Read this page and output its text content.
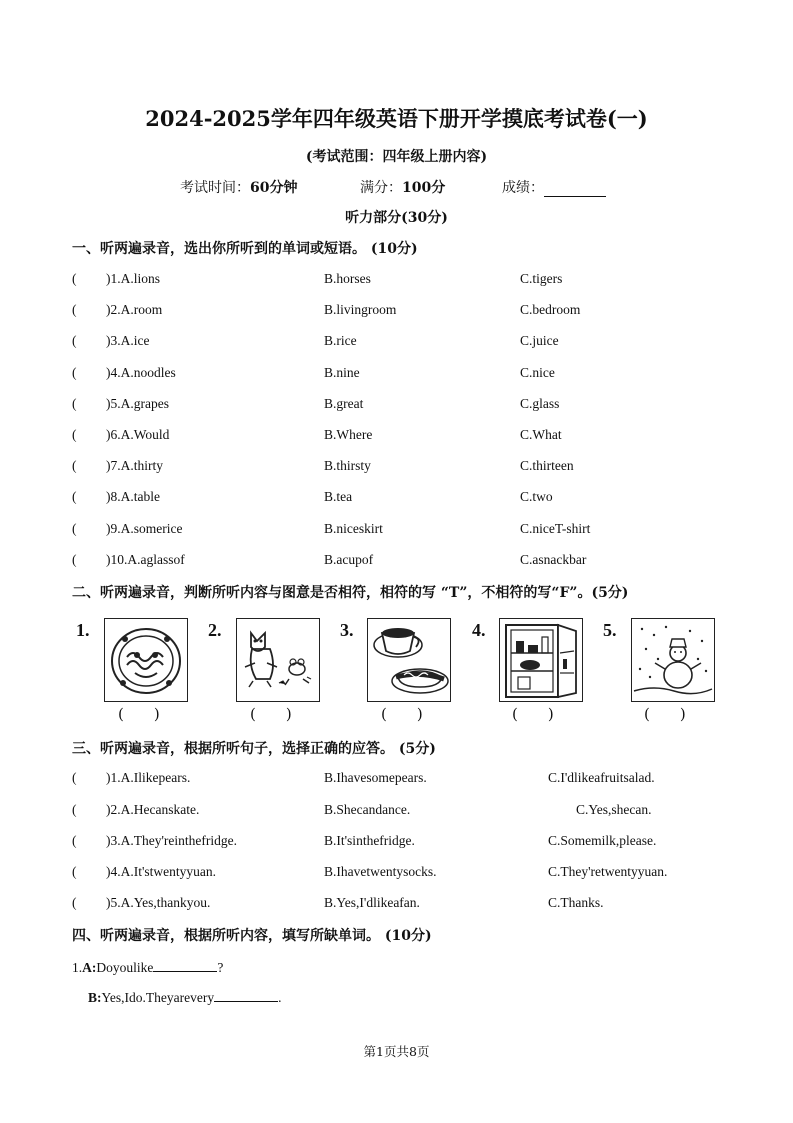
2024-2025学年四年级英语下册开学摸底考试卷(一)
(考试范围：四年级上册内容)
考试时间：60分钟	满分：100分	成绩：
听力部分(30分)
一、听两遍录音，选出你所听到的单词或短语。 (10分)
( )1.A.lions	B.horses	C.tigers
( )2.A.room	B.livingroom	C.bedroom
( )3.A.ice	B.rice	C.juice
( )4.A.noodles	B.nine	C.nice
( )5.A.grapes	B.great	C.glass
( )6.A.Would	B.Where	C.What
( )7.A.thirty	B.thirsty	C.thirteen
( )8.A.table	B.tea	C.two
( )9.A.somerice	B.niceskirt	C.niceT-shirt
( )10.A.aglassof	B.acupof	C.asnackbar
二、听两遍录音，判断所听内容与图意是否相符，相符的写 “T”，不相符的写“F”。(5分)
1.
(　　)
2.
(　　)
3.
(　　)
4.
(　　)
5.
(　　)
三、听两遍录音，根据所听句子，选择正确的应答。 (5分)
( )1.A.Ilikepears.	B.Ihavesomepears.	C.I'dlikeafruitsalad.
( )2.A.Hecanskate.	B.Shecandance.	C.Yes,shecan.
( )3.A.They'reinthefridge.	B.It'sinthefridge.	C.Somemilk,please.
( )4.A.It'stwentyyuan.	B.Ihavetwentysocks.	C.They'retwentyyuan.
( )5.A.Yes,thankyou.	B.Yes,I'dlikeafan.	C.Thanks.
四、听两遍录音，根据所听内容，填写所缺单词。 (10分)
1.A:Doyoulike	?
B:Yes,Ido.Theyarevery	.
第1页共8页
